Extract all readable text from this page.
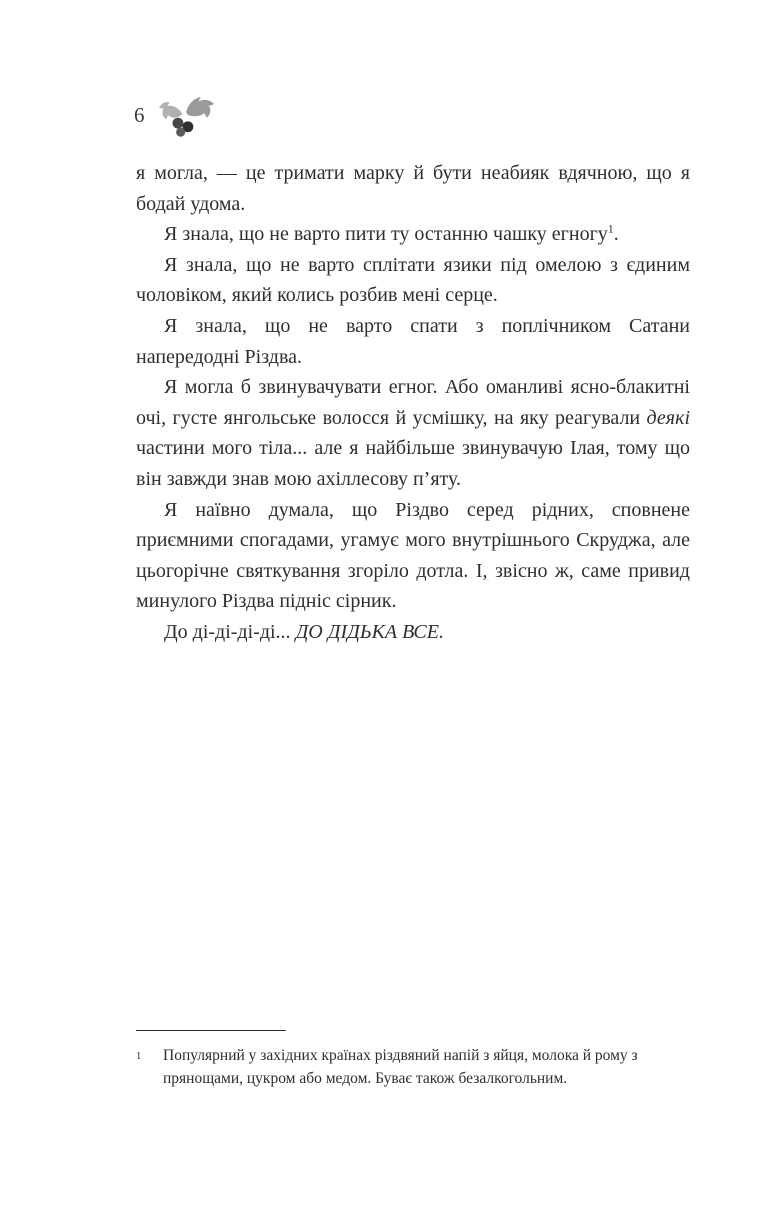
6

я могла, — це тримати марку й бути неабияк вдячною, що я бодай удома.

Я знала, що не варто пити ту останню чашку егногу$^1$.

Я знала, що не варто сплітати язики під омелою з єдиним чоловіком, який колись розбив мені серце.

Я знала, що не варто спати з поплічником Сатани напередодні Різдва.

Я могла б звинувачувати егног. Або оманливі ясно-блакитні очі, густе янгольське волосся й усмішку, на яку реагували деякі частини мого тіла... але я найбільше звинувачую Ілая, тому що він завжди знав мою ахіллесову п’яту.

Я наївно думала, що Різдво серед рідних, сповнене приємними спогадами, угамує мого внутрішнього Скруджа, але цьогорічне святкування згоріло дотла. І, звісно ж, саме привид минулого Різдва підніс сірник.

До ді-ді-ді-ді... ДО ДІДЬКА ВСЕ.

1	Популярний у західних країнах різдвяний напій з яйця, молока й рому з прянощами, цукром або медом. Буває також безалкогольним.
